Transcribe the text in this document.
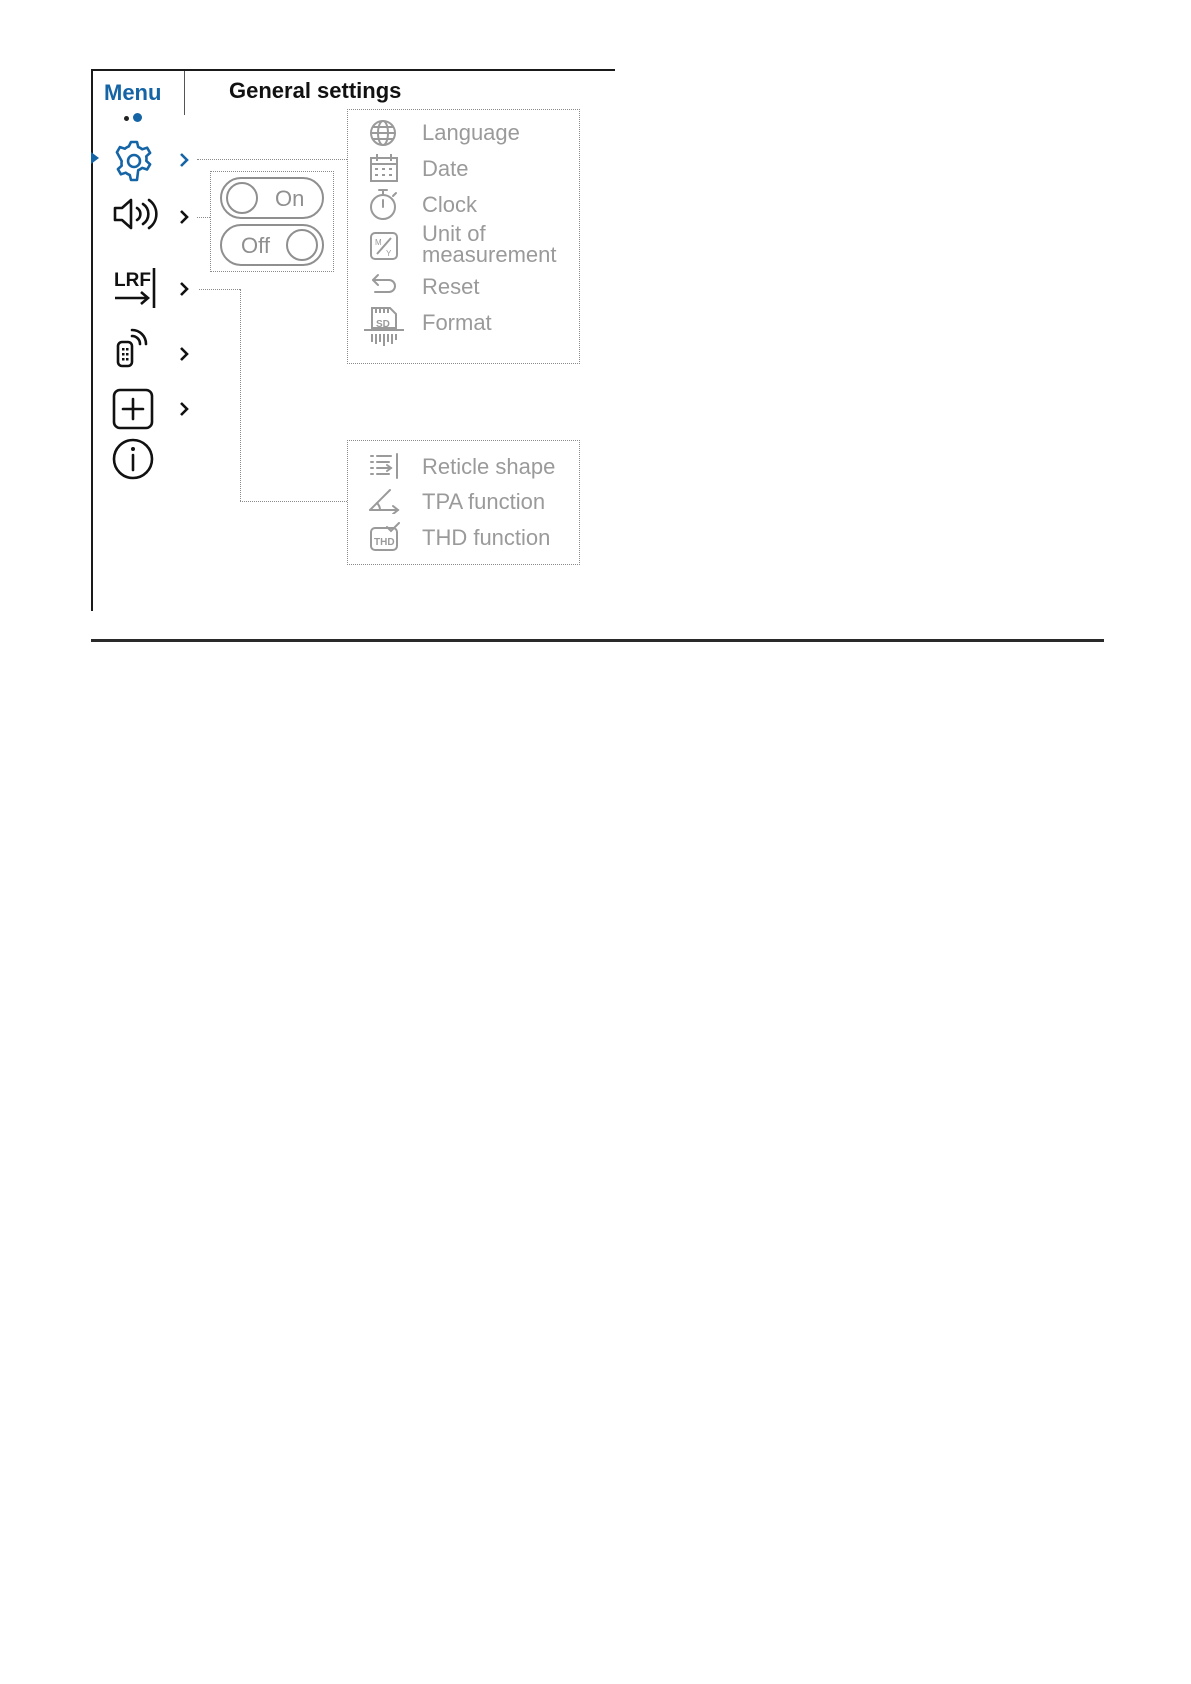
Menu	General settings
LRF
On
Off
Language
Date
Clock
M
Y
Unit of
measurement
Reset
SD Format
Reticle shape
TPA function
THD THD function
